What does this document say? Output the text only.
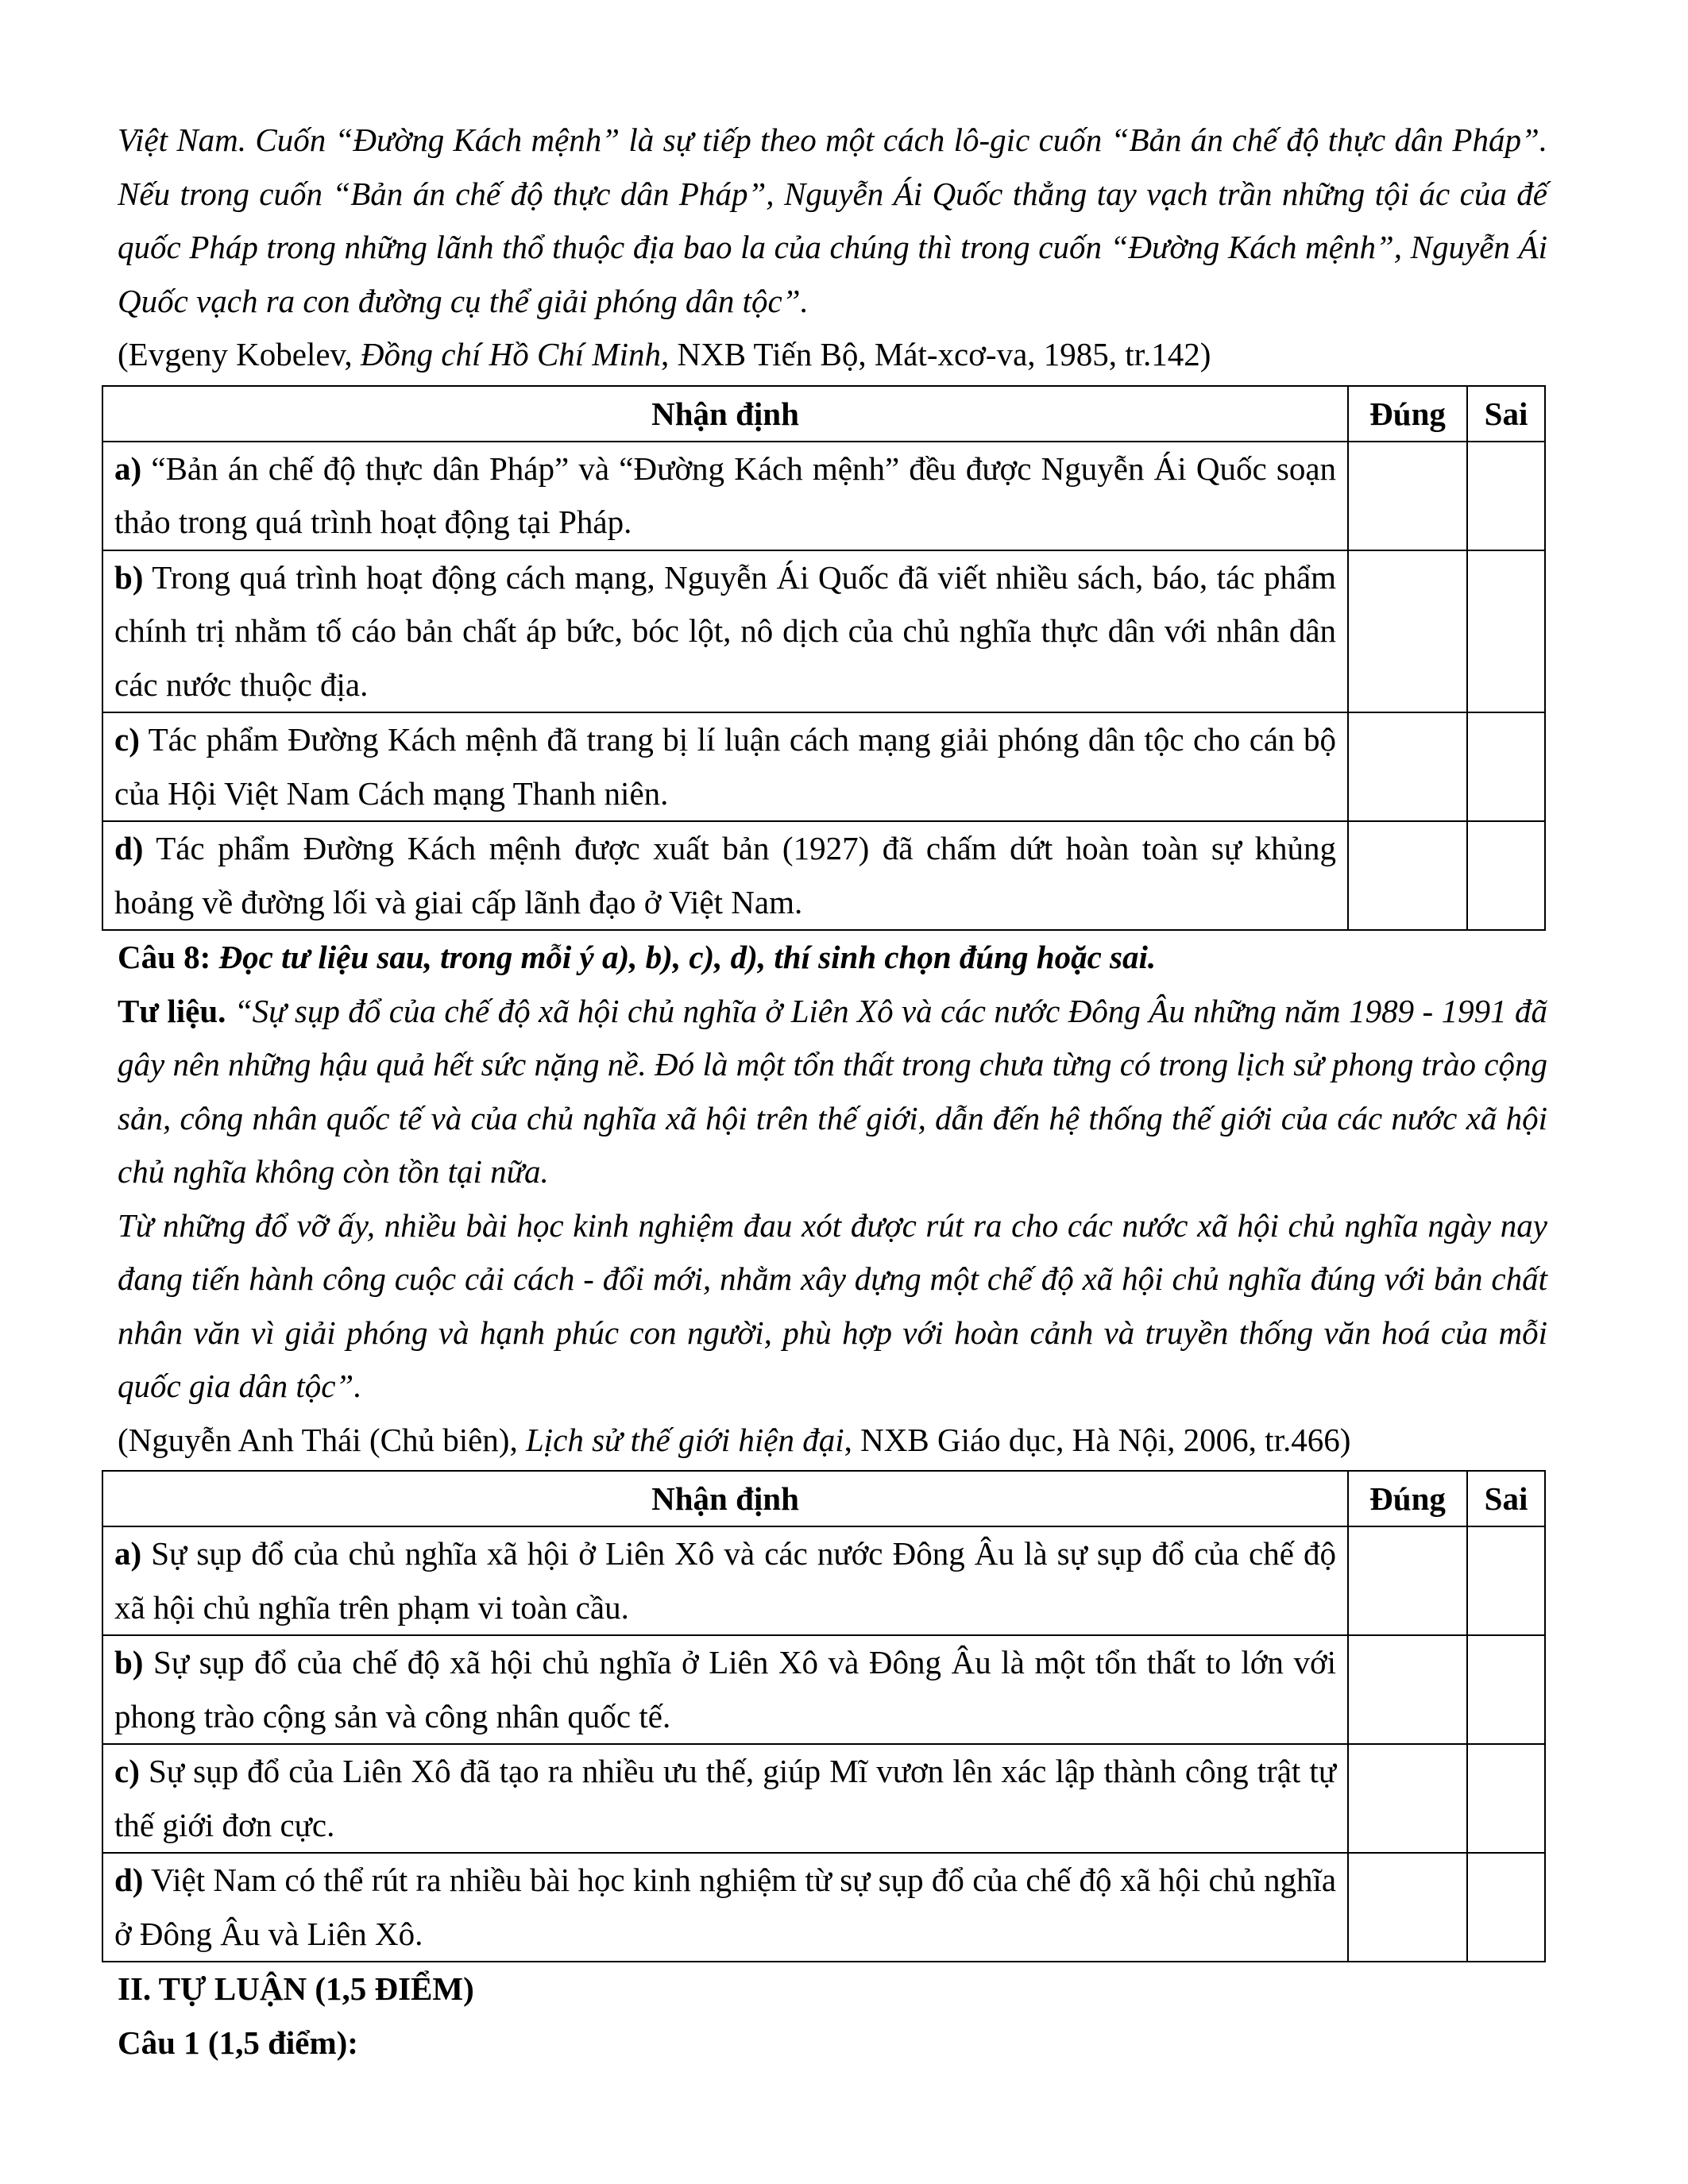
Việt Nam. Cuốn “Đường Kách mệnh” là sự tiếp theo một cách lô-gic cuốn “Bản án chế độ thực dân Pháp”. Nếu trong cuốn “Bản án chế độ thực dân Pháp”, Nguyễn Ái Quốc thẳng tay vạch trần những tội ác của đế quốc Pháp trong những lãnh thổ thuộc địa bao la của chúng thì trong cuốn “Đường Kách mệnh”, Nguyễn Ái Quốc vạch ra con đường cụ thể giải phóng dân tộc”.

(Evgeny Kobelev, Đồng chí Hồ Chí Minh, NXB Tiến Bộ, Mát-xcơ-va, 1985, tr.142)
Nhận định	Đúng	Sai
a) “Bản án chế độ thực dân Pháp” và “Đường Kách mệnh” đều được Nguyễn Ái Quốc soạn thảo trong quá trình hoạt động tại Pháp.		
b) Trong quá trình hoạt động cách mạng, Nguyễn Ái Quốc đã viết nhiều sách, báo, tác phẩm chính trị nhằm tố cáo bản chất áp bức, bóc lột, nô dịch của chủ nghĩa thực dân với nhân dân các nước thuộc địa.		
c) Tác phẩm Đường Kách mệnh đã trang bị lí luận cách mạng giải phóng dân tộc cho cán bộ của Hội Việt Nam Cách mạng Thanh niên.		
d) Tác phẩm Đường Kách mệnh được xuất bản (1927) đã chấm dứt hoàn toàn sự khủng hoảng về đường lối và giai cấp lãnh đạo ở Việt Nam.		
Câu 8: Đọc tư liệu sau, trong mỗi ý a), b), c), d), thí sinh chọn đúng hoặc sai.

Tư liệu. “Sự sụp đổ của chế độ xã hội chủ nghĩa ở Liên Xô và các nước Đông Âu những năm 1989 - 1991 đã gây nên những hậu quả hết sức nặng nề. Đó là một tổn thất trong chưa từng có trong lịch sử phong trào cộng sản, công nhân quốc tế và của chủ nghĩa xã hội trên thế giới, dẫn đến hệ thống thế giới của các nước xã hội chủ nghĩa không còn tồn tại nữa.

Từ những đổ vỡ ấy, nhiều bài học kinh nghiệm đau xót được rút ra cho các nước xã hội chủ nghĩa ngày nay đang tiến hành công cuộc cải cách - đổi mới, nhằm xây dựng một chế độ xã hội chủ nghĩa đúng với bản chất nhân văn vì giải phóng và hạnh phúc con người, phù hợp với hoàn cảnh và truyền thống văn hoá của mỗi quốc gia dân tộc”.

(Nguyễn Anh Thái (Chủ biên), Lịch sử thế giới hiện đại, NXB Giáo dục, Hà Nội, 2006, tr.466)
Nhận định	Đúng	Sai
a) Sự sụp đổ của chủ nghĩa xã hội ở Liên Xô và các nước Đông Âu là sự sụp đổ của chế độ xã hội chủ nghĩa trên phạm vi toàn cầu.		
b) Sự sụp đổ của chế độ xã hội chủ nghĩa ở Liên Xô và Đông Âu là một tổn thất to lớn với phong trào cộng sản và công nhân quốc tế.		
c) Sự sụp đổ của Liên Xô đã tạo ra nhiều ưu thế, giúp Mĩ vươn lên xác lập thành công trật tự thế giới đơn cực.		
d) Việt Nam có thể rút ra nhiều bài học kinh nghiệm từ sự sụp đổ của chế độ xã hội chủ nghĩa ở Đông Âu và Liên Xô.		
II. TỰ LUẬN (1,5 ĐIỂM)
Câu 1 (1,5 điểm):
